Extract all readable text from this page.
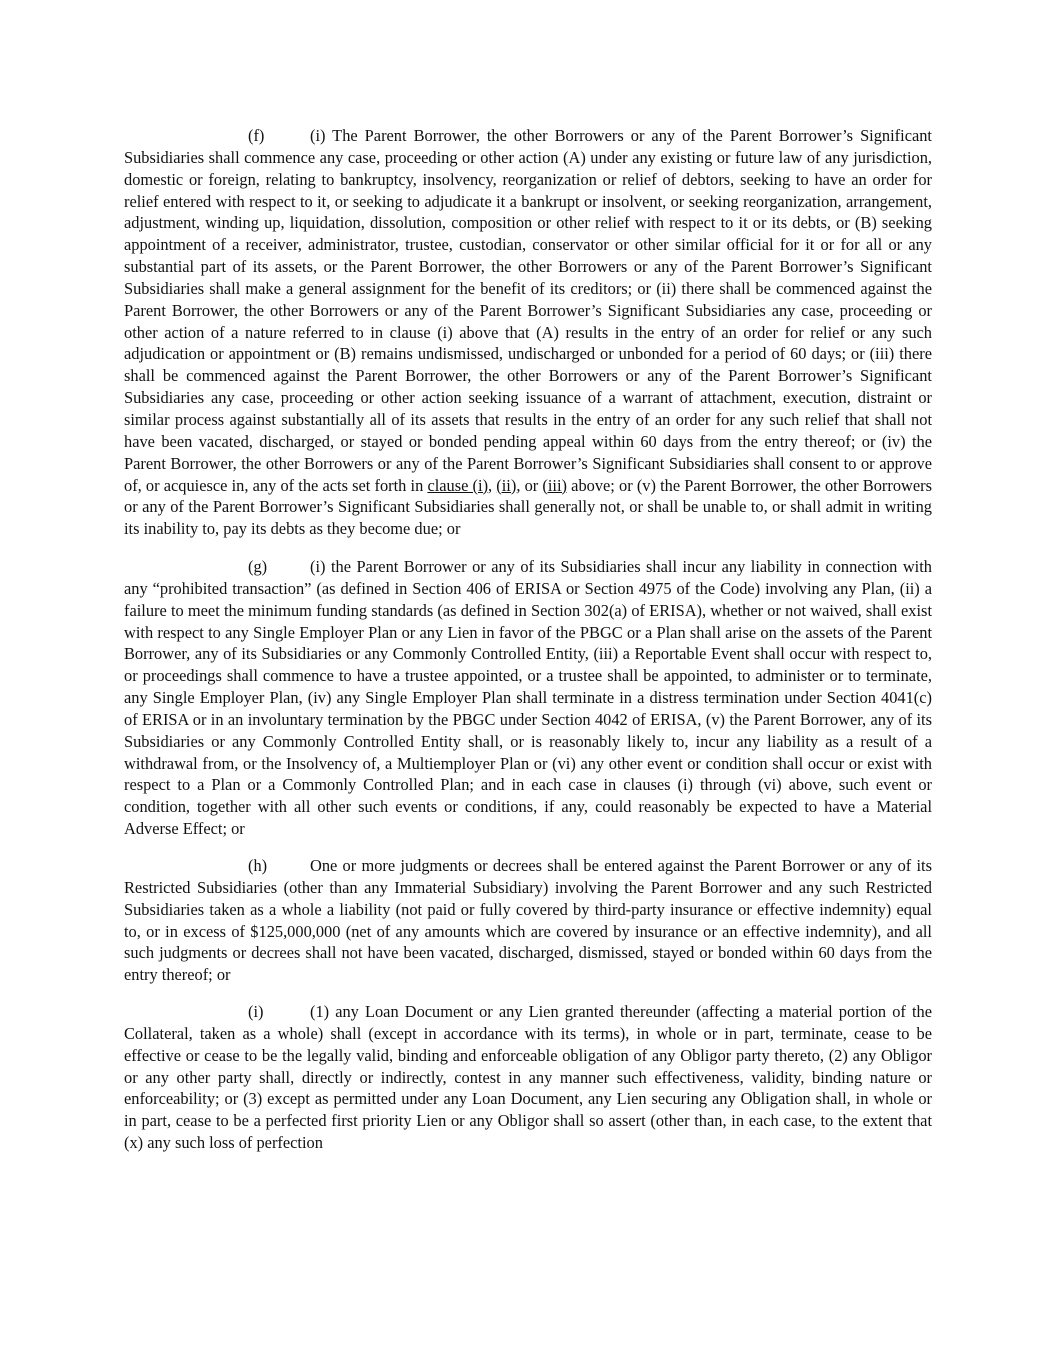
(f)	(i) The Parent Borrower, the other Borrowers or any of the Parent Borrower’s Significant Subsidiaries shall commence any case, proceeding or other action (A) under any existing or future law of any jurisdiction, domestic or foreign, relating to bankruptcy, insolvency, reorganization or relief of debtors, seeking to have an order for relief entered with respect to it, or seeking to adjudicate it a bankrupt or insolvent, or seeking reorganization, arrangement, adjustment, winding up, liquidation, dissolution, composition or other relief with respect to it or its debts, or (B) seeking appointment of a receiver, administrator, trustee, custodian, conservator or other similar official for it or for all or any substantial part of its assets, or the Parent Borrower, the other Borrowers or any of the Parent Borrower’s Significant Subsidiaries shall make a general assignment for the benefit of its creditors; or (ii) there shall be commenced against the Parent Borrower, the other Borrowers or any of the Parent Borrower’s Significant Subsidiaries any case, proceeding or other action of a nature referred to in clause (i) above that (A) results in the entry of an order for relief or any such adjudication or appointment or (B) remains undismissed, undischarged or unbonded for a period of 60 days; or (iii) there shall be commenced against the Parent Borrower, the other Borrowers or any of the Parent Borrower’s Significant Subsidiaries any case, proceeding or other action seeking issuance of a warrant of attachment, execution, distraint or similar process against substantially all of its assets that results in the entry of an order for any such relief that shall not have been vacated, discharged, or stayed or bonded pending appeal within 60 days from the entry thereof; or (iv) the Parent Borrower, the other Borrowers or any of the Parent Borrower’s Significant Subsidiaries shall consent to or approve of, or acquiesce in, any of the acts set forth in clause (i), (ii), or (iii) above; or (v) the Parent Borrower, the other Borrowers or any of the Parent Borrower’s Significant Subsidiaries shall generally not, or shall be unable to, or shall admit in writing its inability to, pay its debts as they become due; or

(g)	(i) the Parent Borrower or any of its Subsidiaries shall incur any liability in connection with any “prohibited transaction” (as defined in Section 406 of ERISA or Section 4975 of the Code) involving any Plan, (ii) a failure to meet the minimum funding standards (as defined in Section 302(a) of ERISA), whether or not waived, shall exist with respect to any Single Employer Plan or any Lien in favor of the PBGC or a Plan shall arise on the assets of the Parent Borrower, any of its Subsidiaries or any Commonly Controlled Entity, (iii) a Reportable Event shall occur with respect to, or proceedings shall commence to have a trustee appointed, or a trustee shall be appointed, to administer or to terminate, any Single Employer Plan, (iv) any Single Employer Plan shall terminate in a distress termination under Section 4041(c) of ERISA or in an involuntary termination by the PBGC under Section 4042 of ERISA, (v) the Parent Borrower, any of its Subsidiaries or any Commonly Controlled Entity shall, or is reasonably likely to, incur any liability as a result of a withdrawal from, or the Insolvency of, a Multiemployer Plan or (vi) any other event or condition shall occur or exist with respect to a Plan or a Commonly Controlled Plan; and in each case in clauses (i) through (vi) above, such event or condition, together with all other such events or conditions, if any, could reasonably be expected to have a Material Adverse Effect; or

(h)	One or more judgments or decrees shall be entered against the Parent Borrower or any of its Restricted Subsidiaries (other than any Immaterial Subsidiary) involving the Parent Borrower and any such Restricted Subsidiaries taken as a whole a liability (not paid or fully covered by third-party insurance or effective indemnity) equal to, or in excess of $125,000,000 (net of any amounts which are covered by insurance or an effective indemnity), and all such judgments or decrees shall not have been vacated, discharged, dismissed, stayed or bonded within 60 days from the entry thereof; or

(i)	(1) any Loan Document or any Lien granted thereunder (affecting a material portion of the Collateral, taken as a whole) shall (except in accordance with its terms), in whole or in part, terminate, cease to be effective or cease to be the legally valid, binding and enforceable obligation of any Obligor party thereto, (2) any Obligor or any other party shall, directly or indirectly, contest in any manner such effectiveness, validity, binding nature or enforceability; or (3) except as permitted under any Loan Document, any Lien securing any Obligation shall, in whole or in part, cease to be a perfected first priority Lien or any Obligor shall so assert (other than, in each case, to the extent that (x) any such loss of perfection
